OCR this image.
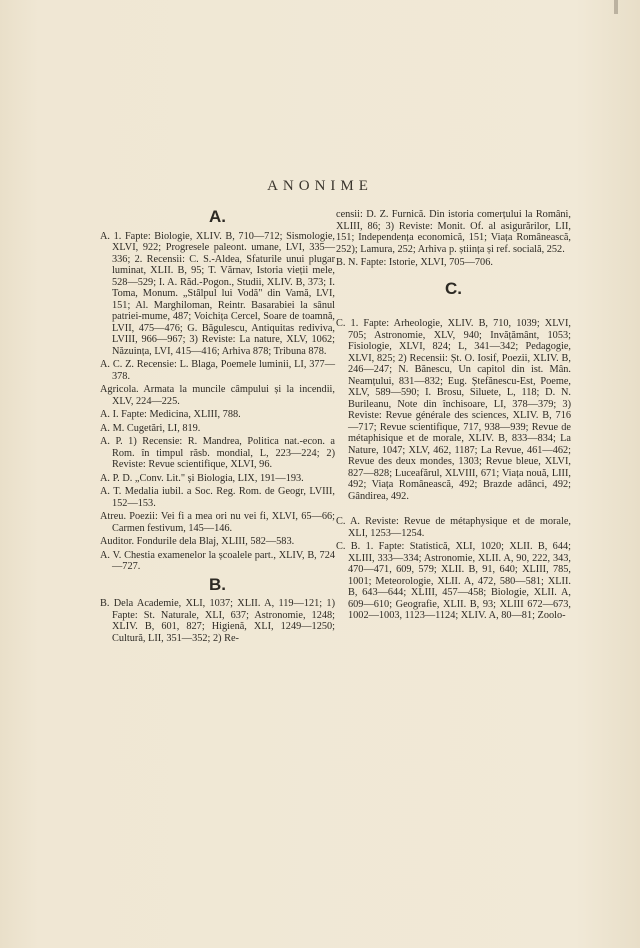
ANONIME
A.

A. 1. Fapte: Biologie, XLIV. B, 710—712; Sismologie, XLVI, 922; Progresele paleont. umane, LVI, 335—336; 2. Recensii: C. S.-Aldea, Sfaturile unui plugar luminat, XLII. B, 95; T. Vărnav, Istoria vieții mele, 528—529; I. A. Răd.-Pogon., Studii, XLIV. B, 373; I. Toma, Monum. „Stâlpul lui Vodă" din Vamă, LVI, 151; Al. Marghiloman, Reintr. Basarabiei la sânul patriei-mume, 487; Voichița Cercel, Soare de toamnă, LVII, 475—476; G. Băgulescu, Antiquitas rediviva, LVIII, 966—967; 3) Reviste: La nature, XLV, 1062; Năzuința, LVI, 415—416; Arhiva 878; Tribuna 878.

A. C. Z. Recensie: L. Blaga, Poemele luminii, LI, 377—378.

Agricola. Armata la muncile câmpului și la incendii, XLV, 224—225.

A. I. Fapte: Medicina, XLIII, 788.

A. M. Cugetări, LI, 819.

A. P. 1) Recensie: R. Mandrea, Politica nat.-econ. a Rom. în timpul răsb. mondial, L, 223—224; 2) Reviste: Revue scientifique, XLVI, 96.

A. P. D. „Conv. Lit." și Biologia, LIX, 191—193.

A. T. Medalia iubil. a Soc. Reg. Rom. de Geogr, LVIII, 152—153.

Atreu. Poezii: Vei fi a mea ori nu vei fi, XLVI, 65—66; Carmen festivum, 145—146.

Auditor. Fondurile dela Blaj, XLIII, 582—583.

A. V. Chestia examenelor la școalele part., XLIV, B, 724—727.

B.

B. Dela Academie, XLI, 1037; XLII. A, 119—121; 1) Fapte: St. Naturale, XLI, 637; Astronomie, 1248; XLIV. B, 601, 827; Higienă, XLI, 1249—1250; Cultură, LII, 351—352; 2) Re-

censii: D. Z. Furnică. Din istoria comerțului la Români, XLIII, 86; 3) Reviste: Monit. Of. al asigurărilor, LII, 151; Independența economică, 151; Viața Românească, 252); Lamura, 252; Arhiva p. știința și ref. socială, 252.

B. N. Fapte: Istorie, XLVI, 705—706.

C.

C. 1. Fapte: Arheologie, XLIV. B, 710, 1039; XLVI, 705; Astronomie, XLV, 940; Invățământ, 1053; Fisiologie, XLVI, 824; L, 341—342; Pedagogie, XLVI, 825; 2) Recensii: Șt. O. Iosif, Poezii, XLIV. B, 246—247; N. Bănescu, Un capitol din ist. Mân. Neamțului, 831—832; Eug. Ștefănescu-Est, Poeme, XLV, 589—590; I. Brosu, Siluete, L, 118; D. N. Burileanu, Note din închisoare, LI, 378—379; 3) Reviste: Revue générale des sciences, XLIV. B, 716—717; Revue scientifique, 717, 938—939; Revue de métaphisique et de morale, XLIV. B, 833—834; La Nature, 1047; XLV, 462, 1187; La Revue, 461—462; Revue des deux mondes, 1303; Revue bleue, XLVI, 827—828; Luceafărul, XLVIII, 671; Viața nouă, LIII, 492; Viața Românească, 492; Brazde adânci, 492; Gândirea, 492.

C. A. Reviste: Revue de métaphysique et de morale, XLI, 1253—1254.

C. B. 1. Fapte: Statistică, XLI, 1020; XLII. B, 644; XLIII, 333—334; Astronomie, XLII. A, 90, 222, 343, 470—471, 609, 579; XLII. B, 91, 640; XLIII, 785, 1001; Meteorologie, XLII. A, 472, 580—581; XLII. B, 643—644; XLIII, 457—458; Biologie, XLII. A, 609—610; Geografie, XLII. B, 93; XLIII 672—673, 1002—1003, 1123—1124; XLIV. A, 80—81; Zoolo-
